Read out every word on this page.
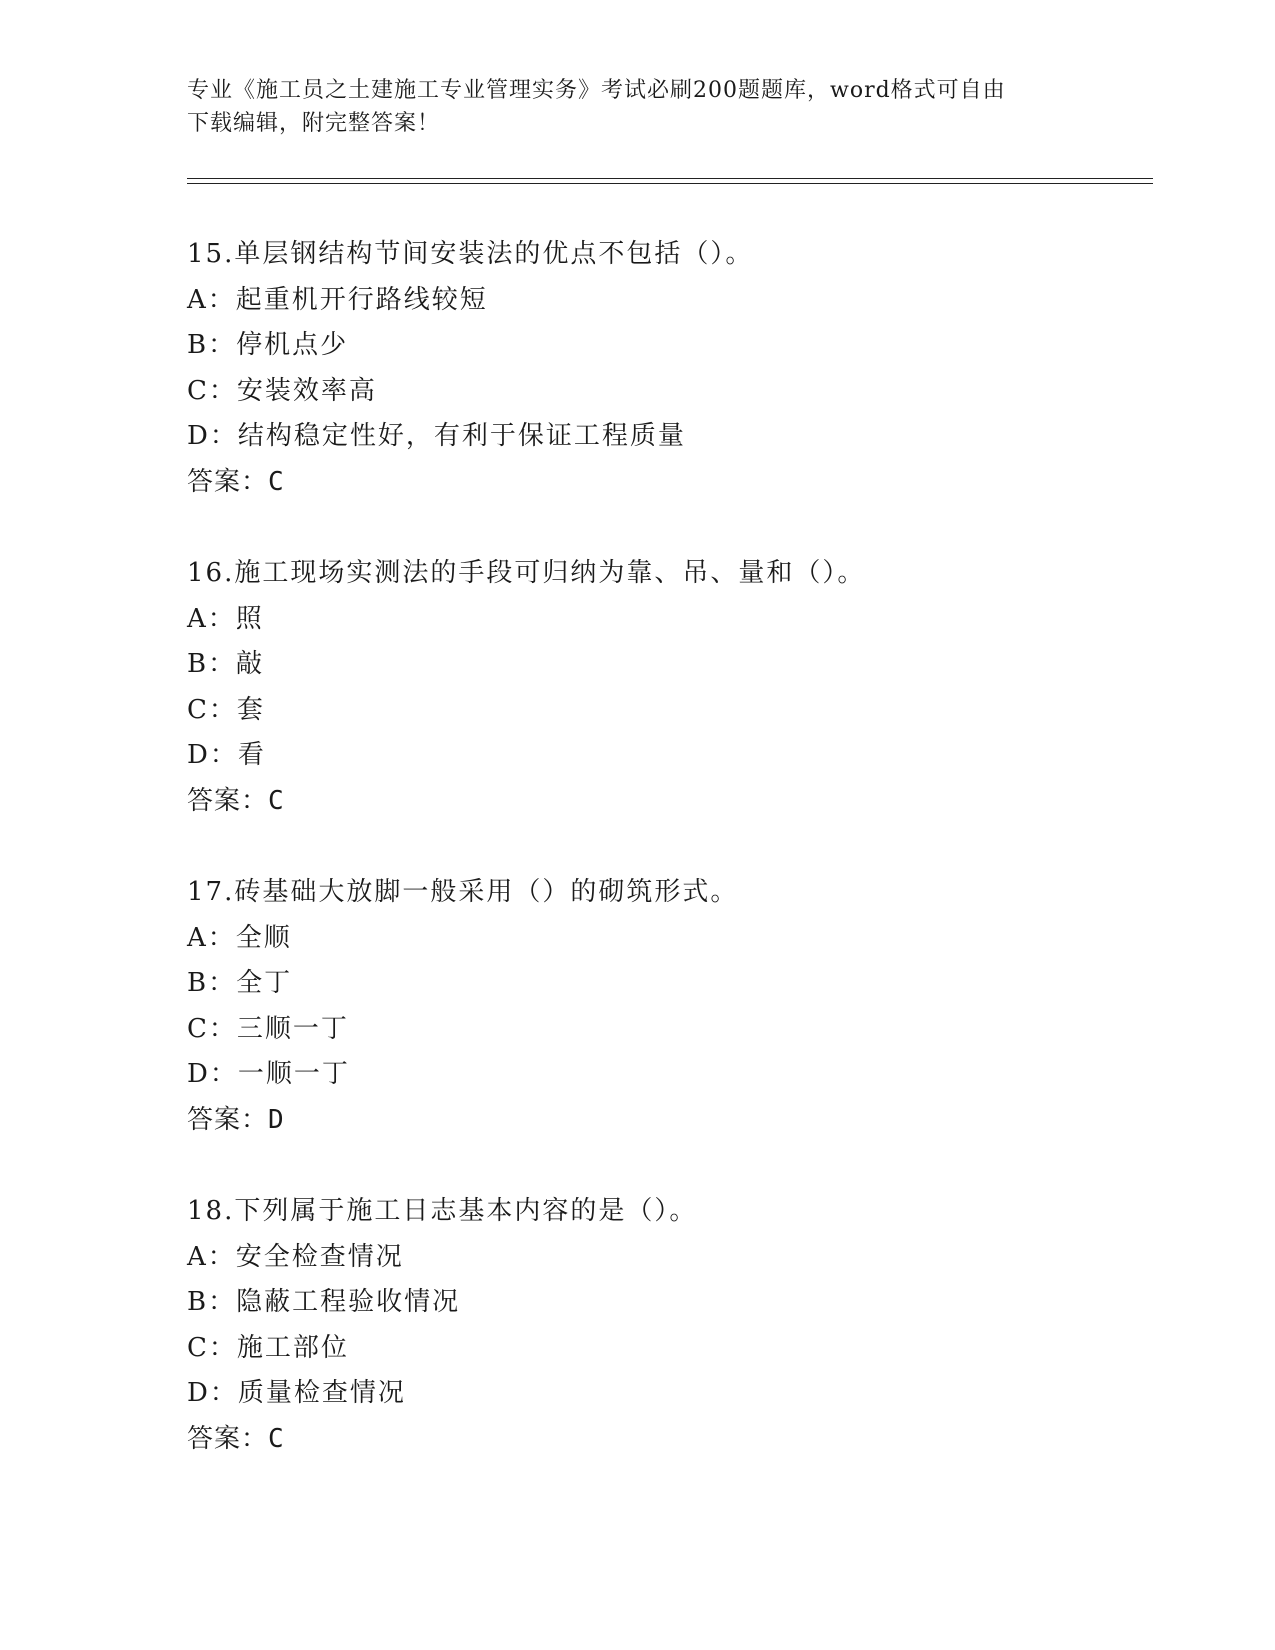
专业《施工员之土建施工专业管理实务》考试必刷200题题库，word格式可自由
下载编辑，附完整答案！
15.单层钢结构节间安装法的优点不包括（）。
A：起重机开行路线较短
B：停机点少
C：安装效率高
D：结构稳定性好，有利于保证工程质量
答案：C
16.施工现场实测法的手段可归纳为靠、吊、量和（）。
A：照
B：敲
C：套
D：看
答案：C
17.砖基础大放脚一般采用（）的砌筑形式。
A：全顺
B：全丁
C：三顺一丁
D：一顺一丁
答案：D
18.下列属于施工日志基本内容的是（）。
A：安全检查情况
B：隐蔽工程验收情况
C：施工部位
D：质量检查情况
答案：C
